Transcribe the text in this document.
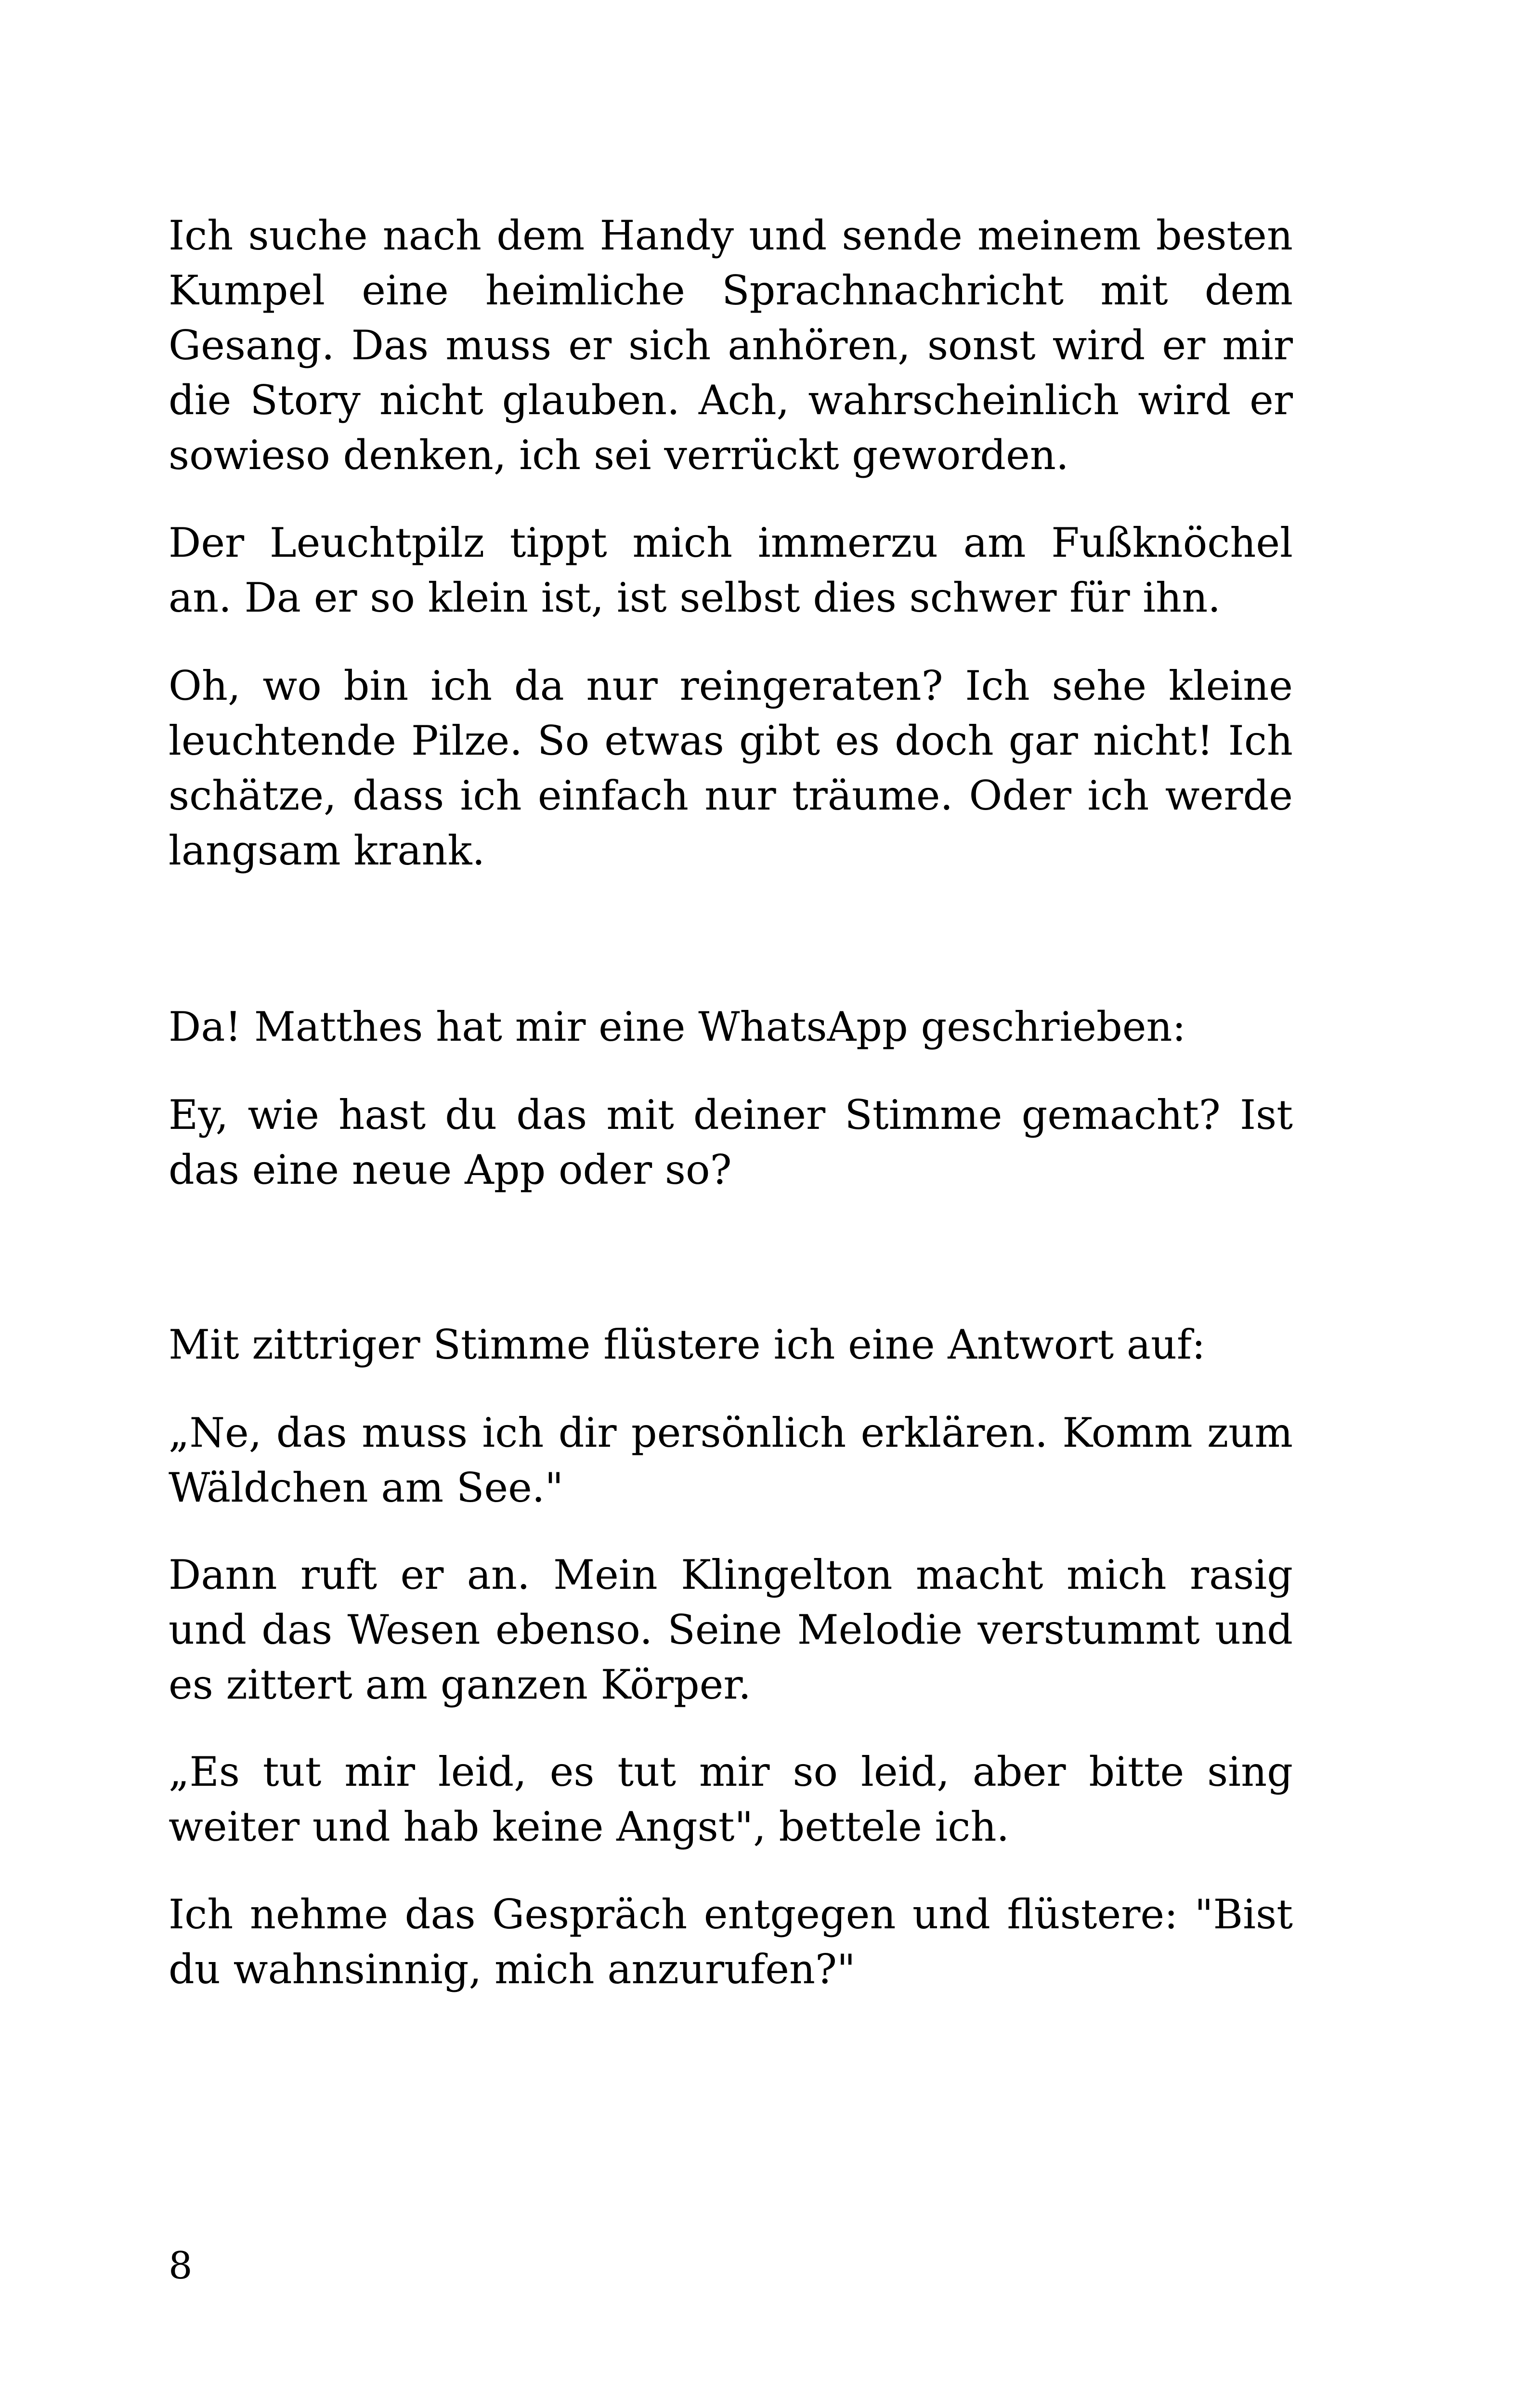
Ich suche nach dem Handy und sende meinem besten Kumpel eine heimliche Sprachnachricht mit dem Gesang. Das muss er sich anhören, sonst wird er mir die Story nicht glauben. Ach, wahrscheinlich wird er sowieso denken, ich sei verrückt geworden.

Der Leuchtpilz tippt mich immerzu am Fußknöchel an. Da er so klein ist, ist selbst dies schwer für ihn.

Oh, wo bin ich da nur reingeraten? Ich sehe kleine leuchtende Pilze. So etwas gibt es doch gar nicht! Ich schätze, dass ich einfach nur träume. Oder ich werde langsam krank.

Da! Matthes hat mir eine WhatsApp geschrieben:

Ey, wie hast du das mit deiner Stimme gemacht? Ist das eine neue App oder so?

Mit zittriger Stimme flüstere ich eine Antwort auf:

„Ne, das muss ich dir persönlich erklären. Komm zum Wäldchen am See."

Dann ruft er an. Mein Klingelton macht mich rasig und das Wesen ebenso. Seine Melodie verstummt und es zittert am ganzen Körper.

„Es tut mir leid, es tut mir so leid, aber bitte sing weiter und hab keine Angst", bettele ich.

Ich nehme das Gespräch entgegen und flüstere: "Bist du wahnsinnig, mich anzurufen?"

8
